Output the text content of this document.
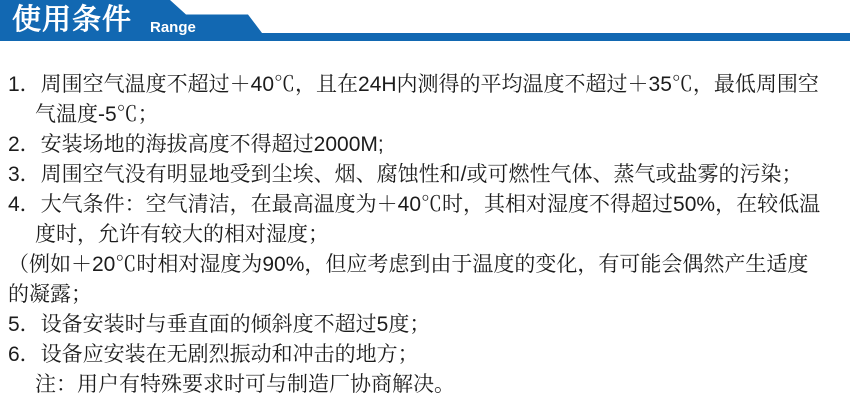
使用条件 Range
1．周围空气温度不超过＋40℃，且在24H内测得的平均温度不超过＋35℃，最低周围空
气温度-5℃；
2．安装场地的海拔高度不得超过2000M;
3．周围空气没有明显地受到尘埃、烟、腐蚀性和/或可燃性气体、蒸气或盐雾的污染；
4．大气条件：空气清洁，在最高温度为＋40℃时，其相对湿度不得超过50%，在较低温
度时，允许有较大的相对湿度；
（例如＋20℃时相对湿度为90%，但应考虑到由于温度的变化，有可能会偶然产生适度
的凝露；
5．设备安装时与垂直面的倾斜度不超过5度；
6．设备应安装在无剧烈振动和冲击的地方；
注：用户有特殊要求时可与制造厂协商解决。
